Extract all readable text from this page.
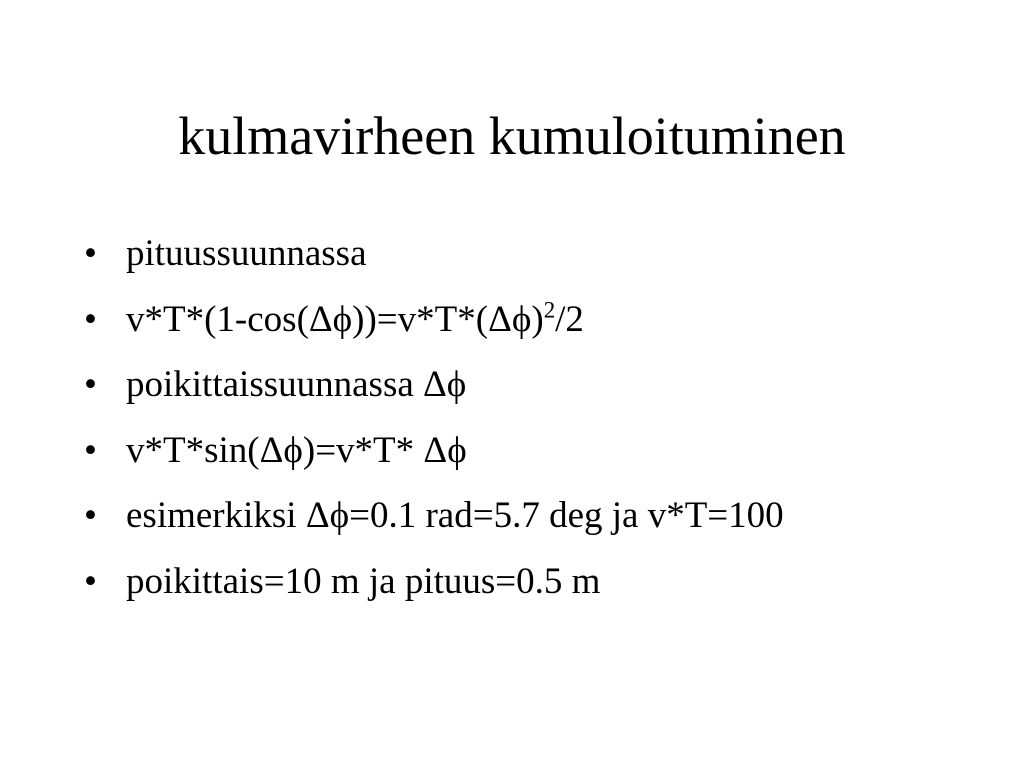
kulmavirheen kumuloituminen
• pituussuunnassa
• $v*T*(1-\cos(\Delta\phi))=v*T*(\Delta\phi)^2/2$
• poikittaissuunnassa Δϕ
• v*T*sin(Δϕ)=v*T* Δϕ
• esimerkiksi Δϕ=0.1 rad=5.7 deg ja v*T=100
• poikittais=10 m ja pituus=0.5 m
